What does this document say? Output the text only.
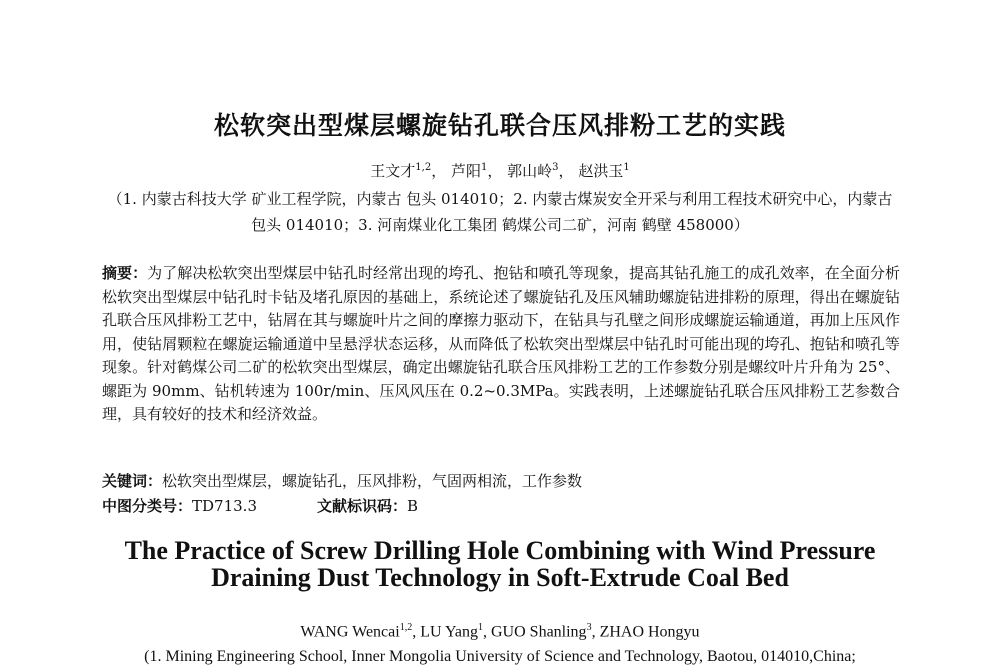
松软突出型煤层螺旋钻孔联合压风排粉工艺的实践
王文才$^{1,2}$， 芦阳$^1$， 郭山岭$^3$， 赵洪玉$^1$
（1. 内蒙古科技大学 矿业工程学院，内蒙古 包头 014010；2. 内蒙古煤炭安全开采与利用工程技术研究中心，内蒙古 包头 014010；3. 河南煤业化工集团 鹤煤公司二矿，河南 鹤壁 458000）
摘要：为了解决松软突出型煤层中钻孔时经常出现的垮孔、抱钻和喷孔等现象，提高其钻孔施工的成孔效率，在全面分析松软突出型煤层中钻孔时卡钻及堵孔原因的基础上，系统论述了螺旋钻孔及压风辅助螺旋钻进排粉的原理，得出在螺旋钻孔联合压风排粉工艺中，钻屑在其与螺旋叶片之间的摩擦力驱动下，在钻具与孔壁之间形成螺旋运输通道，再加上压风作用，使钻屑颗粒在螺旋运输通道中呈悬浮状态运移，从而降低了松软突出型煤层中钻孔时可能出现的垮孔、抱钻和喷孔等现象。针对鹤煤公司二矿的松软突出型煤层，确定出螺旋钻孔联合压风排粉工艺的工作参数分别是螺纹叶片升角为 25°、螺距为 90mm、钻机转速为 100r/min、压风风压在 0.2~0.3MPa。实践表明，上述螺旋钻孔联合压风排粉工艺参数合理，具有较好的技术和经济效益。
关键词：松软突出型煤层，螺旋钻孔，压风排粉，气固两相流，工作参数
中图分类号：TD713.3	文献标识码：B
The Practice of Screw Drilling Hole Combining with Wind Pressure
Draining Dust Technology in Soft-Extrude Coal Bed
WANG Wencai$^{1,2}$, LU Yang$^1$, GUO Shanling$^3$, ZHAO Hongyu
(1. Mining Engineering School, Inner Mongolia University of Science and Technology, Baotou, 014010,China;
